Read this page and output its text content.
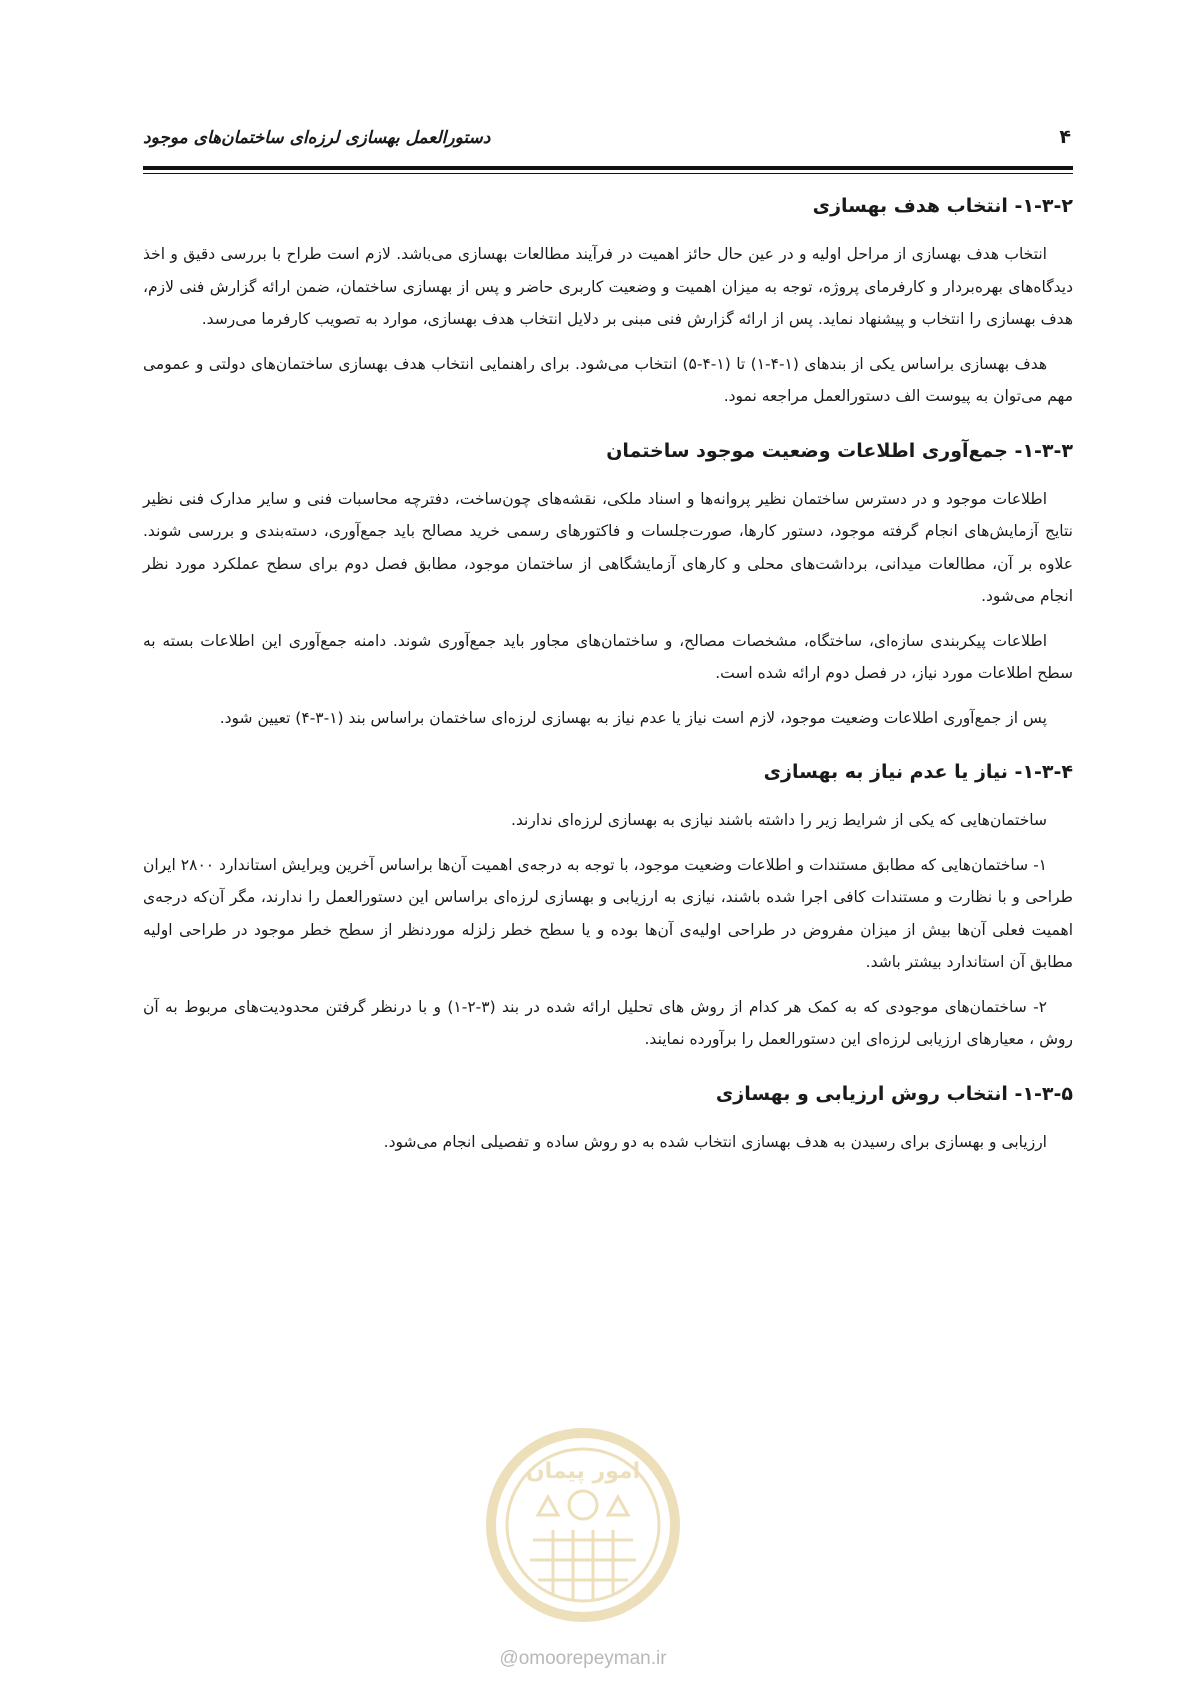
۴
دستورالعمل بهسازی لرزه‌ای ساختمان‌های موجود
۱-۳-۲- انتخاب هدف بهسازی

انتخاب هدف بهسازی از مراحل اولیه و در عین حال حائز اهمیت در فرآیند مطالعات بهسازی می‌باشد. لازم است طراح با بررسی دقیق و اخذ دیدگاه‌های بهره‌بردار و کارفرمای پروژه، توجه به میزان اهمیت و وضعیت کاربری حاضر و پس از بهسازی ساختمان، ضمن ارائه گزارش فنی لازم، هدف بهسازی را انتخاب و پیشنهاد نماید. پس از ارائه گزارش فنی مبنی بر دلایل انتخاب هدف بهسازی، موارد به تصویب کارفرما می‌رسد.

هدف بهسازی براساس یکی از بندهای (۱-۴-۱) تا (۱-۴-۵) انتخاب می‌شود. برای راهنمایی انتخاب هدف بهسازی ساختمان‌های دولتی و عمومی مهم می‌توان به پیوست الف دستورالعمل مراجعه نمود.

۱-۳-۳- جمع‌آوری اطلاعات وضعیت موجود ساختمان

اطلاعات موجود و در دسترس ساختمان نظیر پروانه‌ها و اسناد ملکی، نقشه‌های چون‌ساخت، دفترچه محاسبات فنی و سایر مدارک فنی نظیر نتایج آزمایش‌های انجام گرفته موجود، دستور کارها، صورت‌جلسات و فاکتورهای رسمی خرید مصالح باید جمع‌آوری، دسته‌بندی و بررسی شوند. علاوه بر آن، مطالعات میدانی، برداشت‌های محلی و کارهای آزمایشگاهی از ساختمان موجود، مطابق فصل دوم برای سطح عملکرد مورد نظر انجام می‌شود.

اطلاعات پیکربندی سازه‌ای، ساختگاه، مشخصات مصالح، و ساختمان‌های مجاور باید جمع‌آوری شوند. دامنه جمع‌آوری این اطلاعات بسته به سطح اطلاعات مورد نیاز، در فصل دوم ارائه شده است.

پس از جمع‌آوری اطلاعات وضعیت موجود، لازم است نیاز یا عدم نیاز به بهسازی لرزه‌ای ساختمان براساس بند (۱-۳-۴) تعیین شود.

۱-۳-۴- نیاز یا عدم نیاز به بهسازی

ساختمان‌هایی که یکی از شرایط زیر را داشته باشند نیازی به بهسازی لرزه‌ای ندارند.

۱- ساختمان‌هایی که مطابق مستندات و اطلاعات وضعیت موجود، با توجه به درجه‌ی اهمیت آن‌ها براساس آخرین ویرایش استاندارد ۲۸۰۰ ایران طراحی و با نظارت و مستندات کافی اجرا شده باشند، نیازی به ارزیابی و بهسازی لرزه‌ای براساس این دستورالعمل را ندارند، مگر آن‌که درجه‌ی اهمیت فعلی آن‌ها بیش از میزان مفروض در طراحی اولیه‌ی آن‌ها بوده و یا سطح خطر زلزله موردنظر از سطح خطر موجود در طراحی اولیه مطابق آن استاندارد بیشتر باشد.

۲- ساختمان‌های موجودی که به کمک هر کدام از روش های تحلیل ارائه شده در بند (۳-۲-۱) و با درنظر گرفتن محدودیت‌های مربوط به آن روش ، معیارهای ارزیابی لرزه‌ای این دستورالعمل را برآورده نمایند.

۱-۳-۵- انتخاب روش ارزیابی و بهسازی

ارزیابی و بهسازی برای رسیدن به هدف بهسازی انتخاب شده به دو روش ساده و تفصیلی انجام می‌شود.

امور پیمان
@omoorepeyman.ir
